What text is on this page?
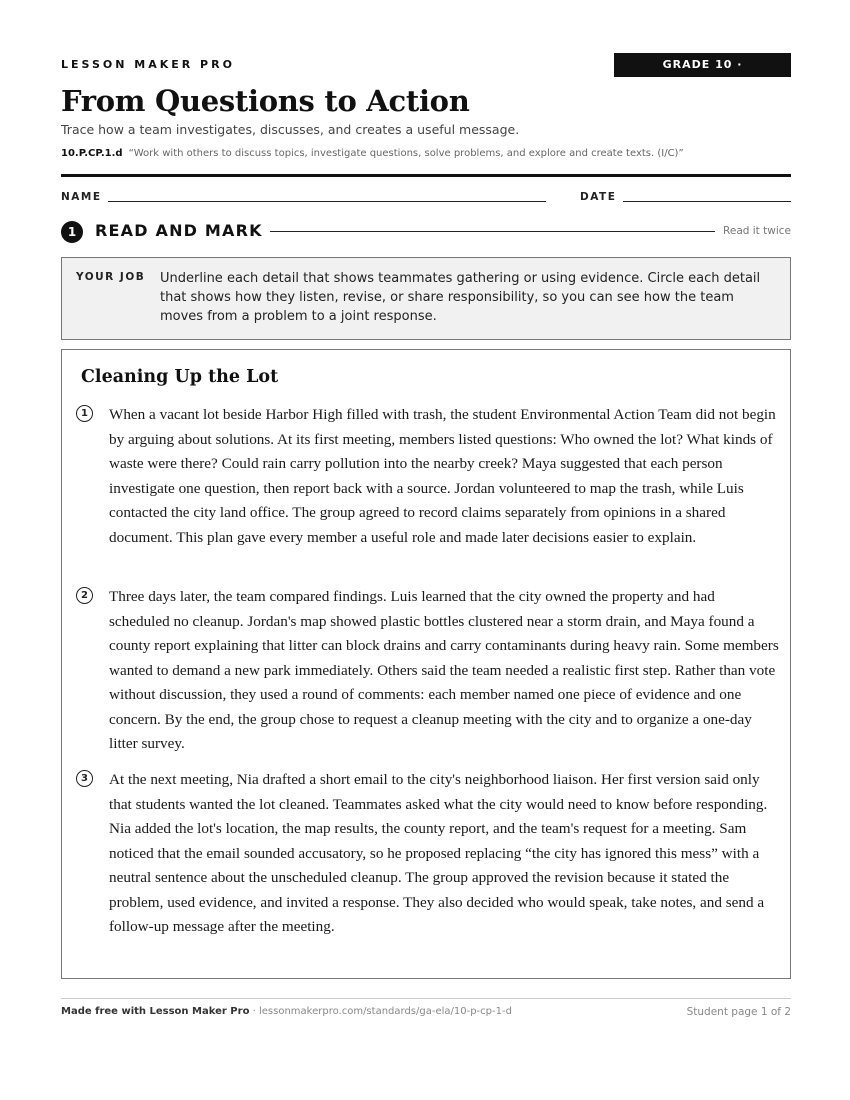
LESSON MAKER PRO	GRADE 10 · 10.P.CP.1.d
From Questions to Action
Trace how a team investigates, discusses, and creates a useful message.
10.P.CP.1.d “Work with others to discuss topics, investigate questions, solve problems, and explore and create texts. (I/C)”
NAME	DATE
1	READ AND MARK	Read it twice
YOUR JOB Underline each detail that shows teammates gathering or using evidence. Circle each detail that shows how they listen, revise, or share responsibility, so you can see how the team moves from a problem to a joint response.
Cleaning Up the Lot
1	When a vacant lot beside Harbor High filled with trash, the student Environmental Action Team did not begin by arguing about solutions. At its first meeting, members listed questions: Who owned the lot? What kinds of waste were there? Could rain carry pollution into the nearby creek? Maya suggested that each person investigate one question, then report back with a source. Jordan volunteered to map the trash, while Luis contacted the city land office. The group agreed to record claims separately from opinions in a shared document. This plan gave every member a useful role and made later decisions easier to explain.

2	Three days later, the team compared findings. Luis learned that the city owned the property and had scheduled no cleanup. Jordan's map showed plastic bottles clustered near a storm drain, and Maya found a county report explaining that litter can block drains and carry contaminants during heavy rain. Some members wanted to demand a new park immediately. Others said the team needed a realistic first step. Rather than vote without discussion, they used a round of comments: each member named one piece of evidence and one concern. By the end, the group chose to request a cleanup meeting with the city and to organize a one-day litter survey.

3	At the next meeting, Nia drafted a short email to the city's neighborhood liaison. Her first version said only that students wanted the lot cleaned. Teammates asked what the city would need to know before responding. Nia added the lot's location, the map results, the county report, and the team's request for a meeting. Sam noticed that the email sounded accusatory, so he proposed replacing “the city has ignored this mess” with a neutral sentence about the unscheduled cleanup. The group approved the revision because it stated the problem, used evidence, and invited a response. They also decided who would speak, take notes, and send a follow-up message after the meeting.

Made free with Lesson Maker Pro · lessonmakerpro.com/standards/ga-ela/10-p-cp-1-d	Student page 1 of 2
